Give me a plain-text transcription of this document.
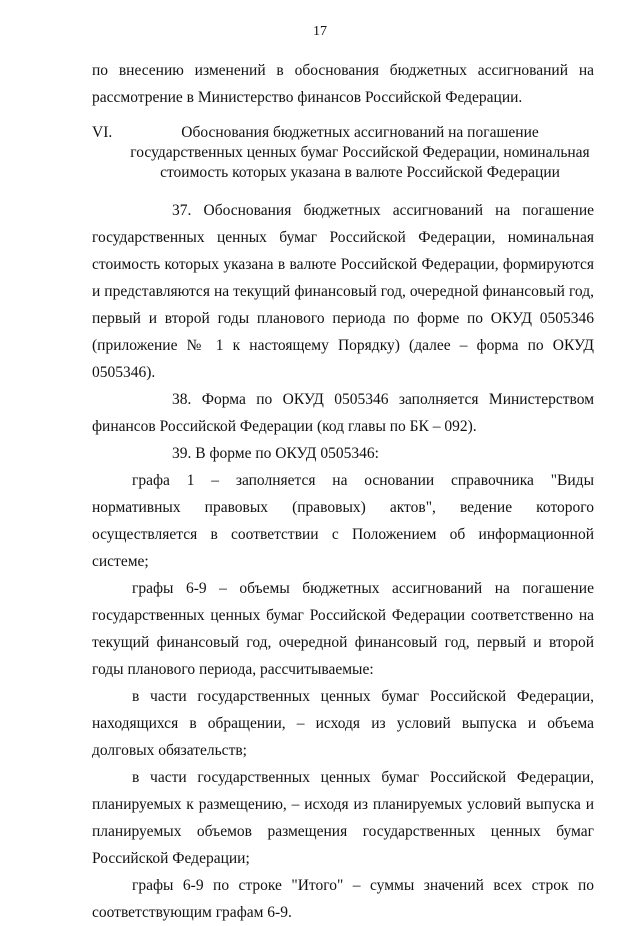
17

по внесению изменений в обоснования бюджетных ассигнований на рассмотрение в Министерство финансов Российской Федерации.

VI.	Обоснования бюджетных ассигнований на погашение государственных ценных бумаг Российской Федерации, номинальная стоимость которых указана в валюте Российской Федерации

37. Обоснования бюджетных ассигнований на погашение государственных ценных бумаг Российской Федерации, номинальная стоимость которых указана в валюте Российской Федерации, формируются и представляются на текущий финансовый год, очередной финансовый год, первый и второй годы планового периода по форме по ОКУД 0505346 (приложение № 1 к настоящему Порядку) (далее – форма по ОКУД 0505346).

38. Форма по ОКУД 0505346 заполняется Министерством финансов Российской Федерации (код главы по БК – 092).

39. В форме по ОКУД 0505346:

графа 1 – заполняется на основании справочника "Виды нормативных правовых (правовых) актов", ведение которого осуществляется в соответствии с Положением об информационной системе;

графы 6-9 – объемы бюджетных ассигнований на погашение государственных ценных бумаг Российской Федерации соответственно на текущий финансовый год, очередной финансовый год, первый и второй годы планового периода, рассчитываемые:

в части государственных ценных бумаг Российской Федерации, находящихся в обращении, – исходя из условий выпуска и объема долговых обязательств;

в части государственных ценных бумаг Российской Федерации, планируемых к размещению, – исходя из планируемых условий выпуска и планируемых объемов размещения государственных ценных бумаг Российской Федерации;

графы 6-9 по строке "Итого" – суммы значений всех строк по соответствующим графам 6-9.
